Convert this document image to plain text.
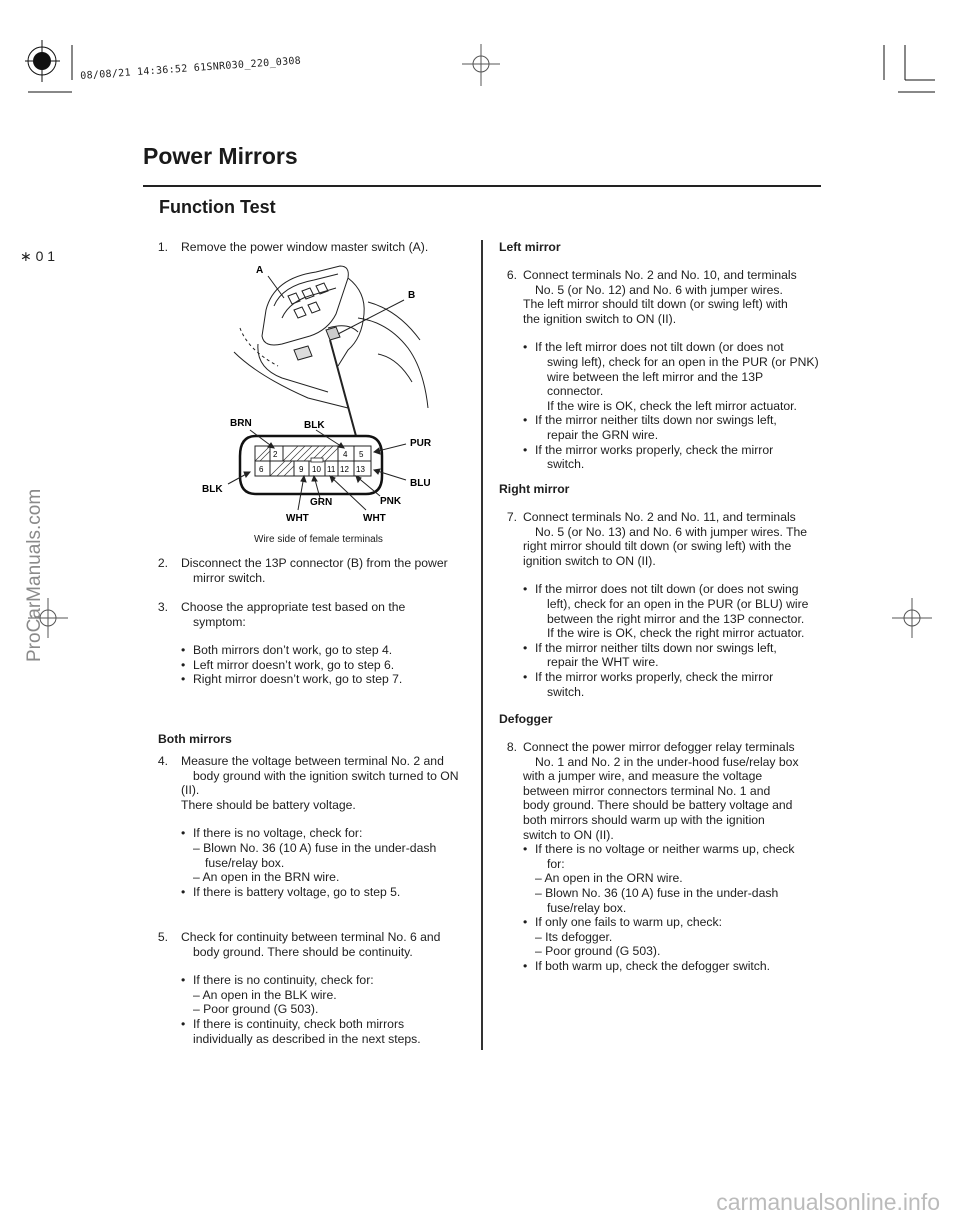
08/08/21 14:36:52 61SNR030_220_0308
Power Mirrors
Function Test
∗ 0 1
ProCarManuals.com
1. Remove the power window master switch (A).
A
B
2	4 5
6	9 10 11 12 13
BRN	BLK
PUR
BLU
BLK
GRN	PNK
WHT	WHT
Wire side of female terminals
2. Disconnect the 13P connector (B) from the power

mirror switch.

3. Choose the appropriate test based on the

symptom:

• Both mirrors don’t work, go to step 4.

• Left mirror doesn’t work, go to step 6.

• Right mirror doesn’t work, go to step 7.

Both mirrors

4. Measure the voltage between terminal No. 2 and

body ground with the ignition switch turned to ON

(II).

There should be battery voltage.

• If there is no voltage, check for:

– Blown No. 36 (10 A) fuse in the under-dash

fuse/relay box.

– An open in the BRN wire.

• If there is battery voltage, go to step 5.

5. Check for continuity between terminal No. 6 and

body ground. There should be continuity.

• If there is no continuity, check for:

– An open in the BLK wire.

– Poor ground (G 503).

• If there is continuity, check both mirrors

individually as described in the next steps.

Left mirror

6. Connect terminals No. 2 and No. 10, and terminals

No. 5 (or No. 12) and No. 6 with jumper wires.

The left mirror should tilt down (or swing left) with

the ignition switch to ON (II).

• If the left mirror does not tilt down (or does not

swing left), check for an open in the PUR (or PNK)

wire between the left mirror and the 13P

connector.

If the wire is OK, check the left mirror actuator.

• If the mirror neither tilts down nor swings left,

repair the GRN wire.

• If the mirror works properly, check the mirror

switch.

Right mirror

7. Connect terminals No. 2 and No. 11, and terminals

No. 5 (or No. 13) and No. 6 with jumper wires. The

right mirror should tilt down (or swing left) with the

ignition switch to ON (II).

• If the mirror does not tilt down (or does not swing

left), check for an open in the PUR (or BLU) wire

between the right mirror and the 13P connector.

If the wire is OK, check the right mirror actuator.

• If the mirror neither tilts down nor swings left,

repair the WHT wire.

• If the mirror works properly, check the mirror

switch.

Defogger

8. Connect the power mirror defogger relay terminals

No. 1 and No. 2 in the under-hood fuse/relay box

with a jumper wire, and measure the voltage

between mirror connectors terminal No. 1 and

body ground. There should be battery voltage and

both mirrors should warm up with the ignition

switch to ON (II).

• If there is no voltage or neither warms up, check

for:

– An open in the ORN wire.

– Blown No. 36 (10 A) fuse in the under-dash

fuse/relay box.

• If only one fails to warm up, check:

– Its defogger.

– Poor ground (G 503).

• If both warm up, check the defogger switch.

carmanualsonline.info
